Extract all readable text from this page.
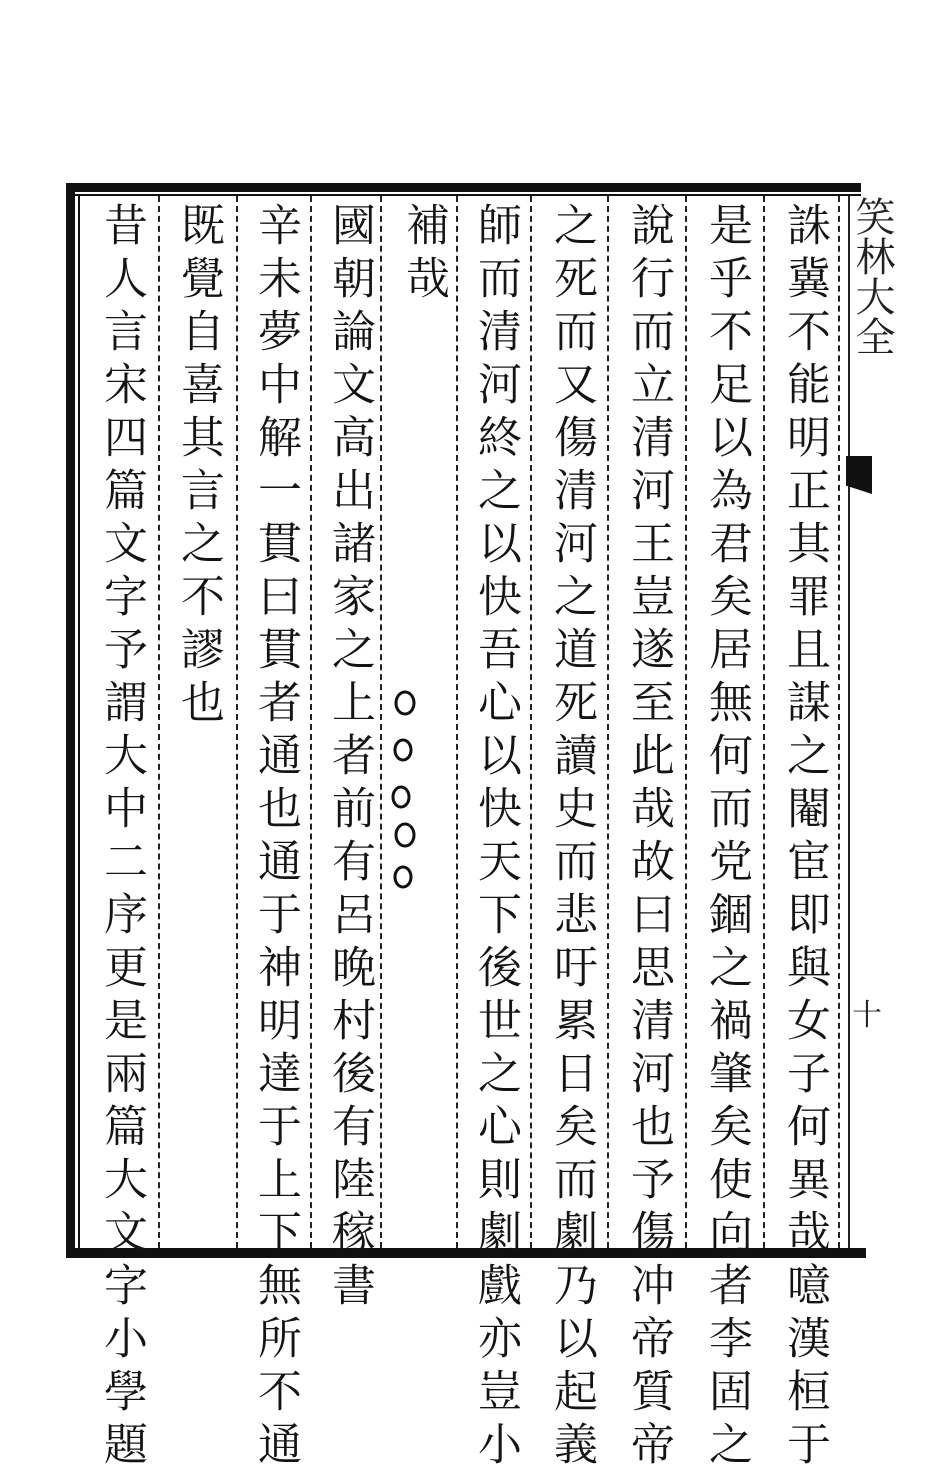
笑林大全
十
誅冀不能明正其罪且謀之閹宦即與女子何異哉噫漢桓于
是乎不足以為君矣居無何而党錮之禍肇矣使向者李固之
說行而立清河王豈遂至此哉故曰思清河也予傷冲帝質帝
之死而又傷清河之道死讀史而悲吁累日矣而劇乃以起義
師而清河終之以快吾心以快天下後世之心則劇戲亦豈小
補哉
國朝論文高出諸家之上者前有呂晚村後有陸稼書
辛未夢中解一貫曰貫者通也通于神明達于上下無所不通
既覺自喜其言之不謬也
昔人言宋四篇文字予謂大中二序更是兩篇大文字小學題
